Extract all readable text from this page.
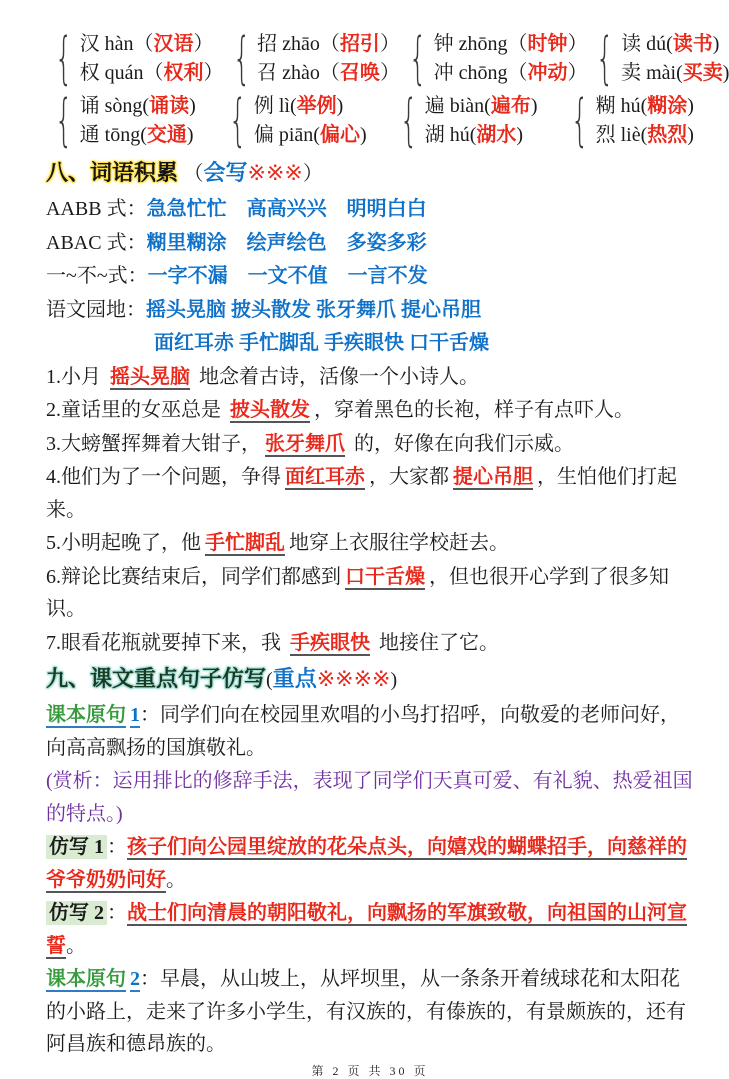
{ 汉 hàn（汉语）
权 quán（权利） { 招 zhāo（招引）
召 zhào（召唤） { 钟 zhōng（时钟）
冲 chōng（冲动） { 读 dú(读书)
卖 mài(买卖)
{ 诵 sòng(诵读)
通 tōng(交通) { 例 lì(举例)
偏 piān(偏心) { 遍 biàn(遍布)
湖 hú(湖水) { 糊 hú(糊涂)
烈 liè(热烈)
八、词语积累 （会写※※※）

AABB 式：急急忙忙　高高兴兴　明明白白

ABAC 式：糊里糊涂　绘声绘色　多姿多彩

一~不~式：一字不漏　一文不值　一言不发

语文园地：摇头晃脑 披头散发 张牙舞爪 提心吊胆

面红耳赤 手忙脚乱 手疾眼快 口干舌燥

1.小月 摇头晃脑 地念着古诗，活像一个小诗人。

2.童话里的女巫总是 披头散发 ，穿着黑色的长袍，样子有点吓人。

3.大螃蟹挥舞着大钳子， 张牙舞爪 的，好像在向我们示威。

4.他们为了一个问题，争得 面红耳赤 ，大家都 提心吊胆 ，生怕他们打起来。

5.小明起晚了，他 手忙脚乱 地穿上衣服往学校赶去。

6.辩论比赛结束后，同学们都感到 口干舌燥 ，但也很开心学到了很多知识。

7.眼看花瓶就要掉下来，我 手疾眼快 地接住了它。

九、课文重点句子仿写(重点※※※※)

课本原句 1：同学们向在校园里欢唱的小鸟打招呼，向敬爱的老师问好，向高高飘扬的国旗敬礼。

(赏析：运用排比的修辞手法，表现了同学们天真可爱、有礼貌、热爱祖国的特点。)

仿写 1 ：孩子们向公园里绽放的花朵点头，向嬉戏的蝴蝶招手，向慈祥的爷爷奶奶问好。

仿写 2 ：战士们向清晨的朝阳敬礼，向飘扬的军旗致敬，向祖国的山河宣誓。

课本原句 2：早晨，从山坡上，从坪坝里，从一条条开着绒球花和太阳花的小路上，走来了许多小学生，有汉族的，有傣族的，有景颇族的，还有阿昌族和德昂族的。

第 2 页 共 30 页
